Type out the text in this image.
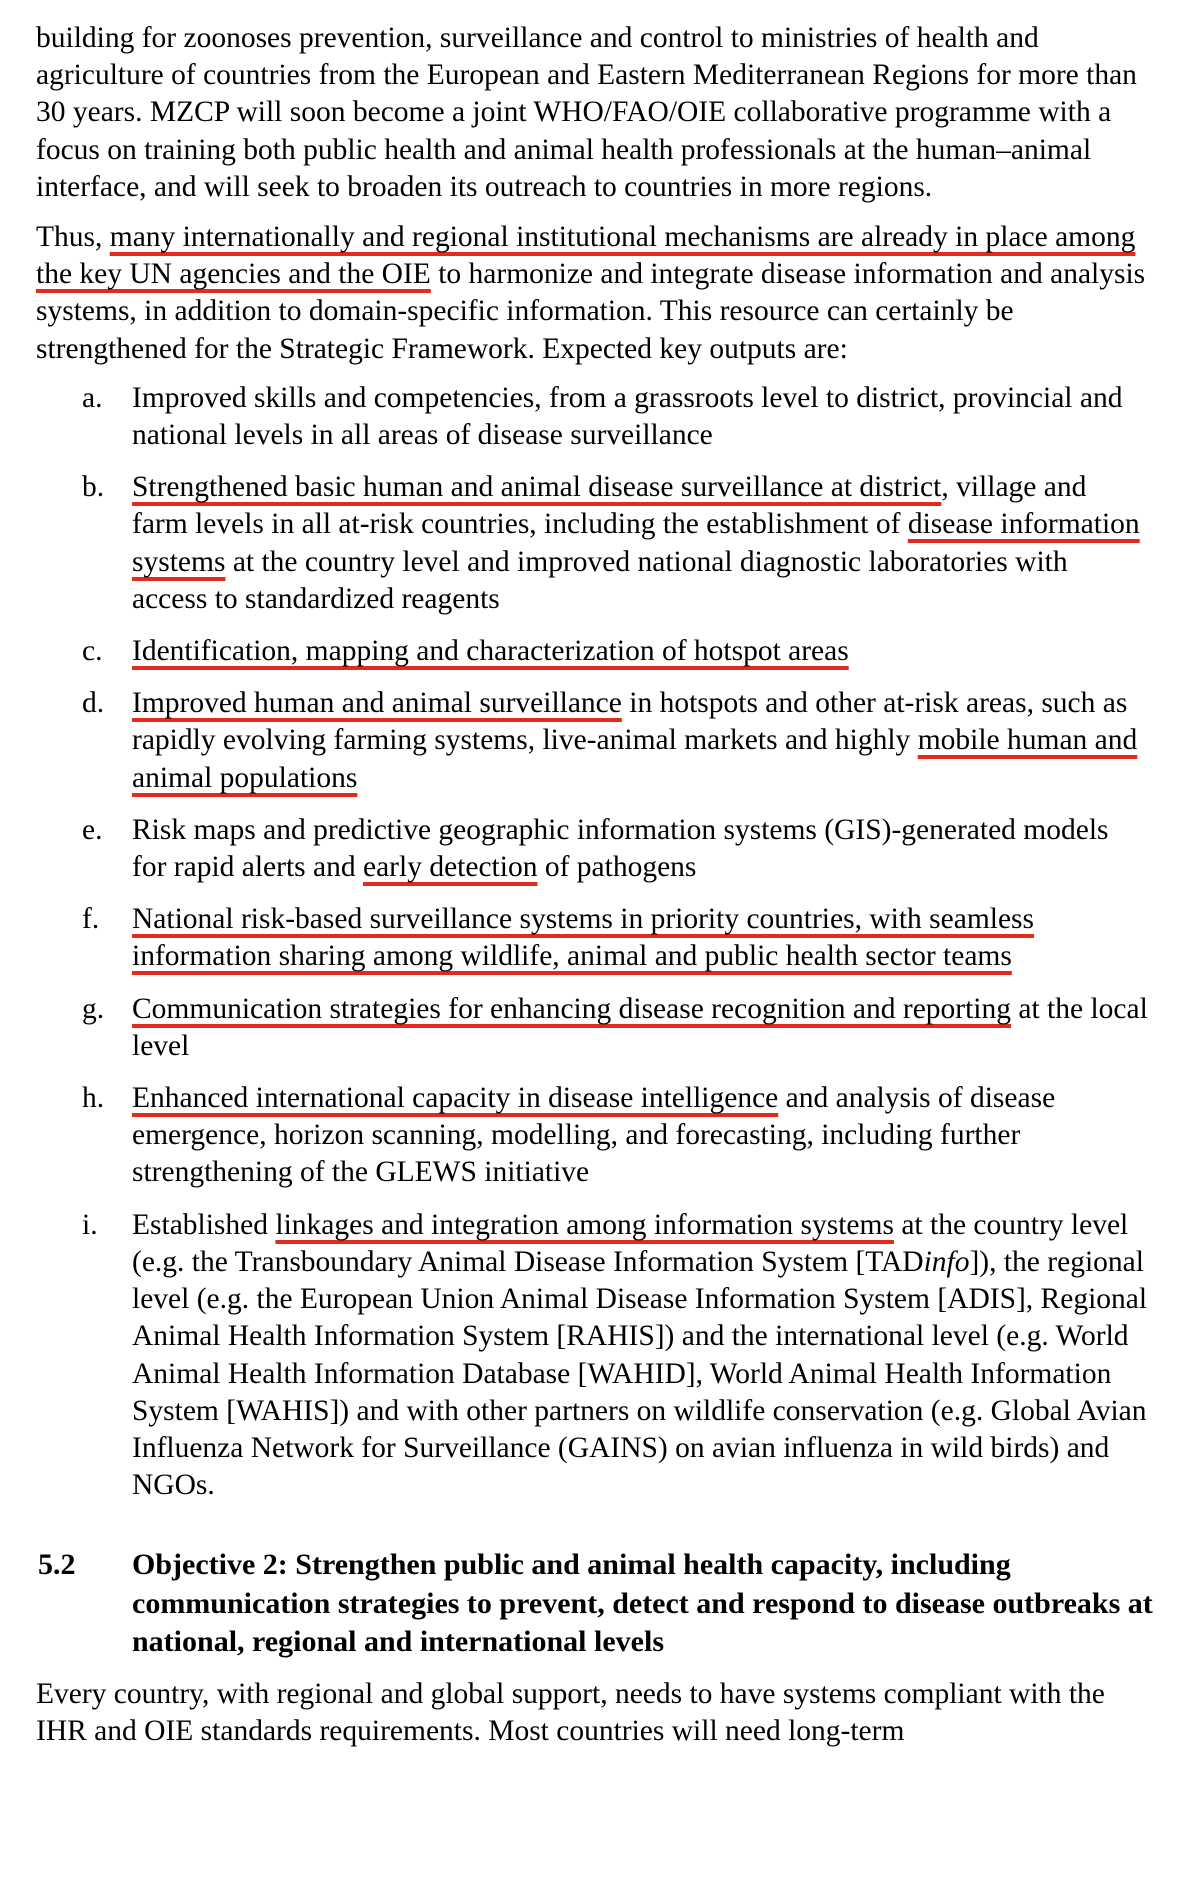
building for zoonoses prevention, surveillance and control to ministries of health and agriculture of countries from the European and Eastern Mediterranean Regions for more than 30 years. MZCP will soon become a joint WHO/FAO/OIE collaborative programme with a focus on training both public health and animal health professionals at the human–animal interface, and will seek to broaden its outreach to countries in more regions.

Thus, many internationally and regional institutional mechanisms are already in place among the key UN agencies and the OIE to harmonize and integrate disease information and analysis systems, in addition to domain-specific information. This resource can certainly be strengthened for the Strategic Framework. Expected key outputs are:

a.	Improved skills and competencies, from a grassroots level to district, provincial and national levels in all areas of disease surveillance
b. Strengthened basic human and animal disease surveillance at district, village and farm levels in all at-risk countries, including the establishment of disease information systems at the country level and improved national diagnostic laboratories with access to standardized reagents
c.	Identification, mapping and characterization of hotspot areas
d. Improved human and animal surveillance in hotspots and other at-risk areas, such as rapidly evolving farming systems, live-animal markets and highly mobile human and animal populations
e.	Risk maps and predictive geographic information systems (GIS)-generated models for rapid alerts and early detection of pathogens
f.	National risk-based surveillance systems in priority countries, with seamless information sharing among wildlife, animal and public health sector teams
g. Communication strategies for enhancing disease recognition and reporting at the local level
h. Enhanced international capacity in disease intelligence and analysis of disease emergence, horizon scanning, modelling, and forecasting, including further strengthening of the GLEWS initiative
i.	Established linkages and integration among information systems at the country level (e.g. the Transboundary Animal Disease Information System [TADinfo]), the regional level (e.g. the European Union Animal Disease Information System [ADIS], Regional Animal Health Information System [RAHIS]) and the international level (e.g. World Animal Health Information Database [WAHID], World Animal Health Information System [WAHIS]) and with other partners on wildlife conservation (e.g. Global Avian Influenza Network for Surveillance (GAINS) on avian influenza in wild birds) and NGOs.
5.2	Objective 2: Strengthen public and animal health capacity, including communication strategies to prevent, detect and respond to disease outbreaks at national, regional and international levels

Every country, with regional and global support, needs to have systems compliant with the IHR and OIE standards requirements. Most countries will need long-term
